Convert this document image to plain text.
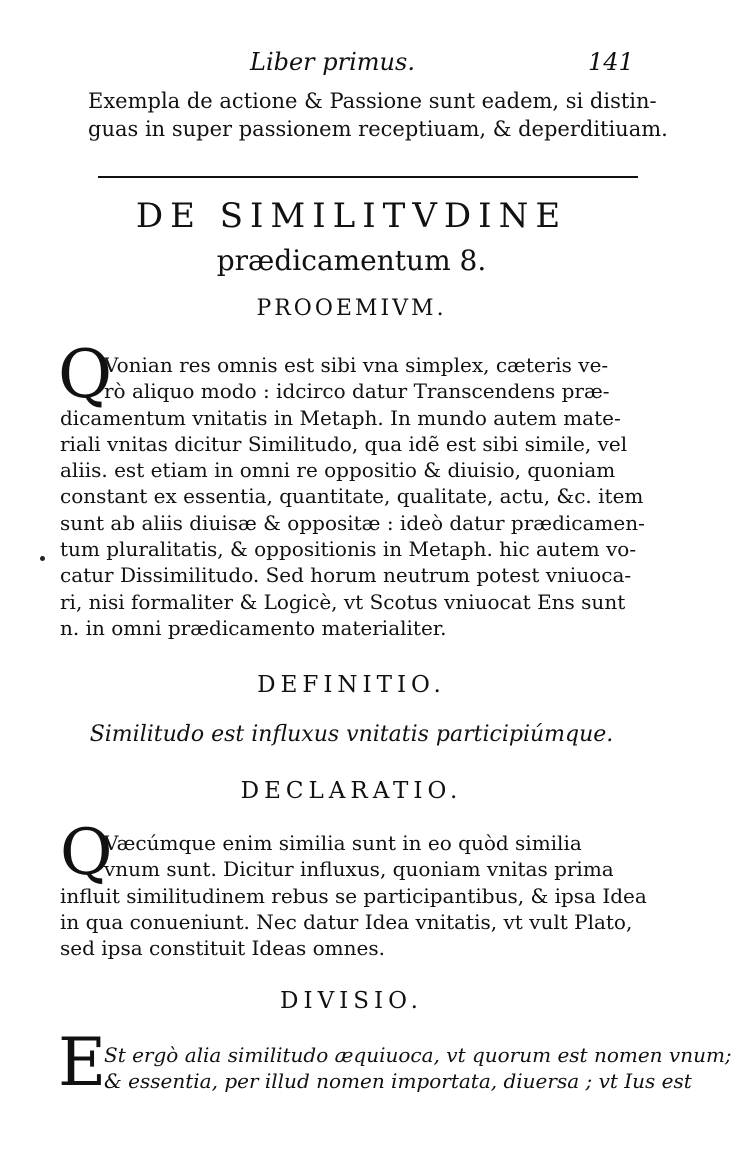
Liber primus.	141
Exempla de actione & Passione sunt eadem, si distin-
guas in super passionem receptiuam, & deperditiuam.
DE SIMILITVDINE
prædicamentum 8.
PROOEMIVM.
Q
Vonian res omnis est sibi vna simplex, cæteris ve-
rò aliquo modo : idcirco datur Transcendens præ-
dicamentum vnitatis in Metaph. In mundo autem mate-
riali vnitas dicitur Similitudo, qua idẽ est sibi simile, vel
aliis. est etiam in omni re oppositio & diuisio, quoniam
constant ex essentia, quantitate, qualitate, actu, &c. item
sunt ab aliis diuisæ & oppositæ : ideò datur prædicamen-
tum pluralitatis, & oppositionis in Metaph. hic autem vo-
catur Dissimilitudo. Sed horum neutrum potest vniuoca-
ri, nisi formaliter & Logicè, vt Scotus vniuocat Ens sunt
n. in omni prædicamento materialiter.
DEFINITIO.
Similitudo est influxus vnitatis participiúmque.
DECLARATIO.
Q
Væcúmque enim similia sunt in eo quòd similia
vnum sunt. Dicitur influxus, quoniam vnitas prima
influit similitudinem rebus se participantibus, & ipsa Idea
in qua conueniunt. Nec datur Idea vnitatis, vt vult Plato,
sed ipsa constituit Ideas omnes.
DIVISIO.
E
St ergò alia similitudo æquiuoca, vt quorum est nomen vnum;
& essentia, per illud nomen importata, diuersa ; vt Ius est
